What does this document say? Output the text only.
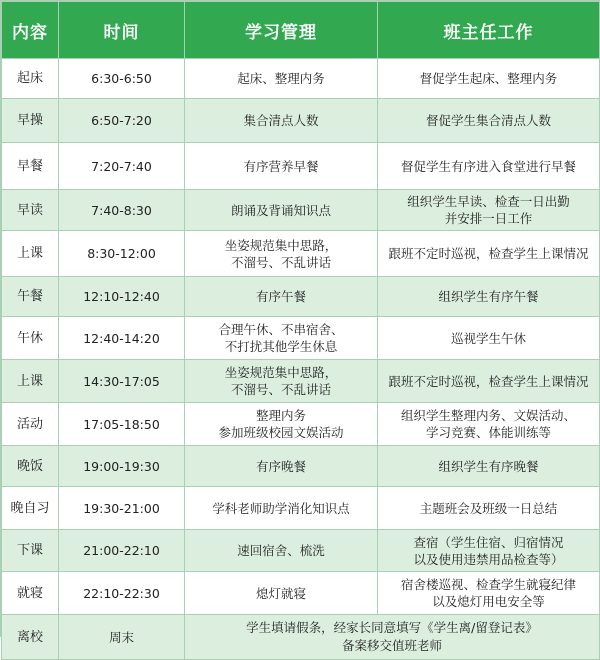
内容	时间	学习管理	班主任工作
起床	6:30-6:50	起床、整理内务	督促学生起床、整理内务
早操	6:50-7:20	集合清点人数	督促学生集合清点人数
早餐	7:20-7:40	有序营养早餐	督促学生有序进入食堂进行早餐
早读	7:40-8:30	朗诵及背诵知识点	组织学生早读、检查一日出勤
并安排一日工作
上课	8:30-12:00	坐姿规范集中思路，
不溜号、不乱讲话	跟班不定时巡视，检查学生上课情况
午餐	12:10-12:40	有序午餐	组织学生有序午餐
午休	12:40-14:20	合理午休、不串宿舍、
不打扰其他学生休息	巡视学生午休
上课	14:30-17:05	坐姿规范集中思路，
不溜号、不乱讲话	跟班不定时巡视，检查学生上课情况
活动	17:05-18:50	整理内务
参加班级校园文娱活动	组织学生整理内务、文娱活动、
学习竞赛、体能训练等
晚饭	19:00-19:30	有序晚餐	组织学生有序晚餐
晚自习	19:30-21:00	学科老师助学消化知识点	主题班会及班级一日总结
下课	21:00-22:10	速回宿舍、梳洗	查宿（学生住宿、归宿情况
以及使用违禁用品检查等）
就寝	22:10-22:30	熄灯就寝	宿舍楼巡视、检查学生就寝纪律
以及熄灯用电安全等
离校	周末	学生填请假条，经家长同意填写《学生离/留登记表》
备案移交值班老师	
